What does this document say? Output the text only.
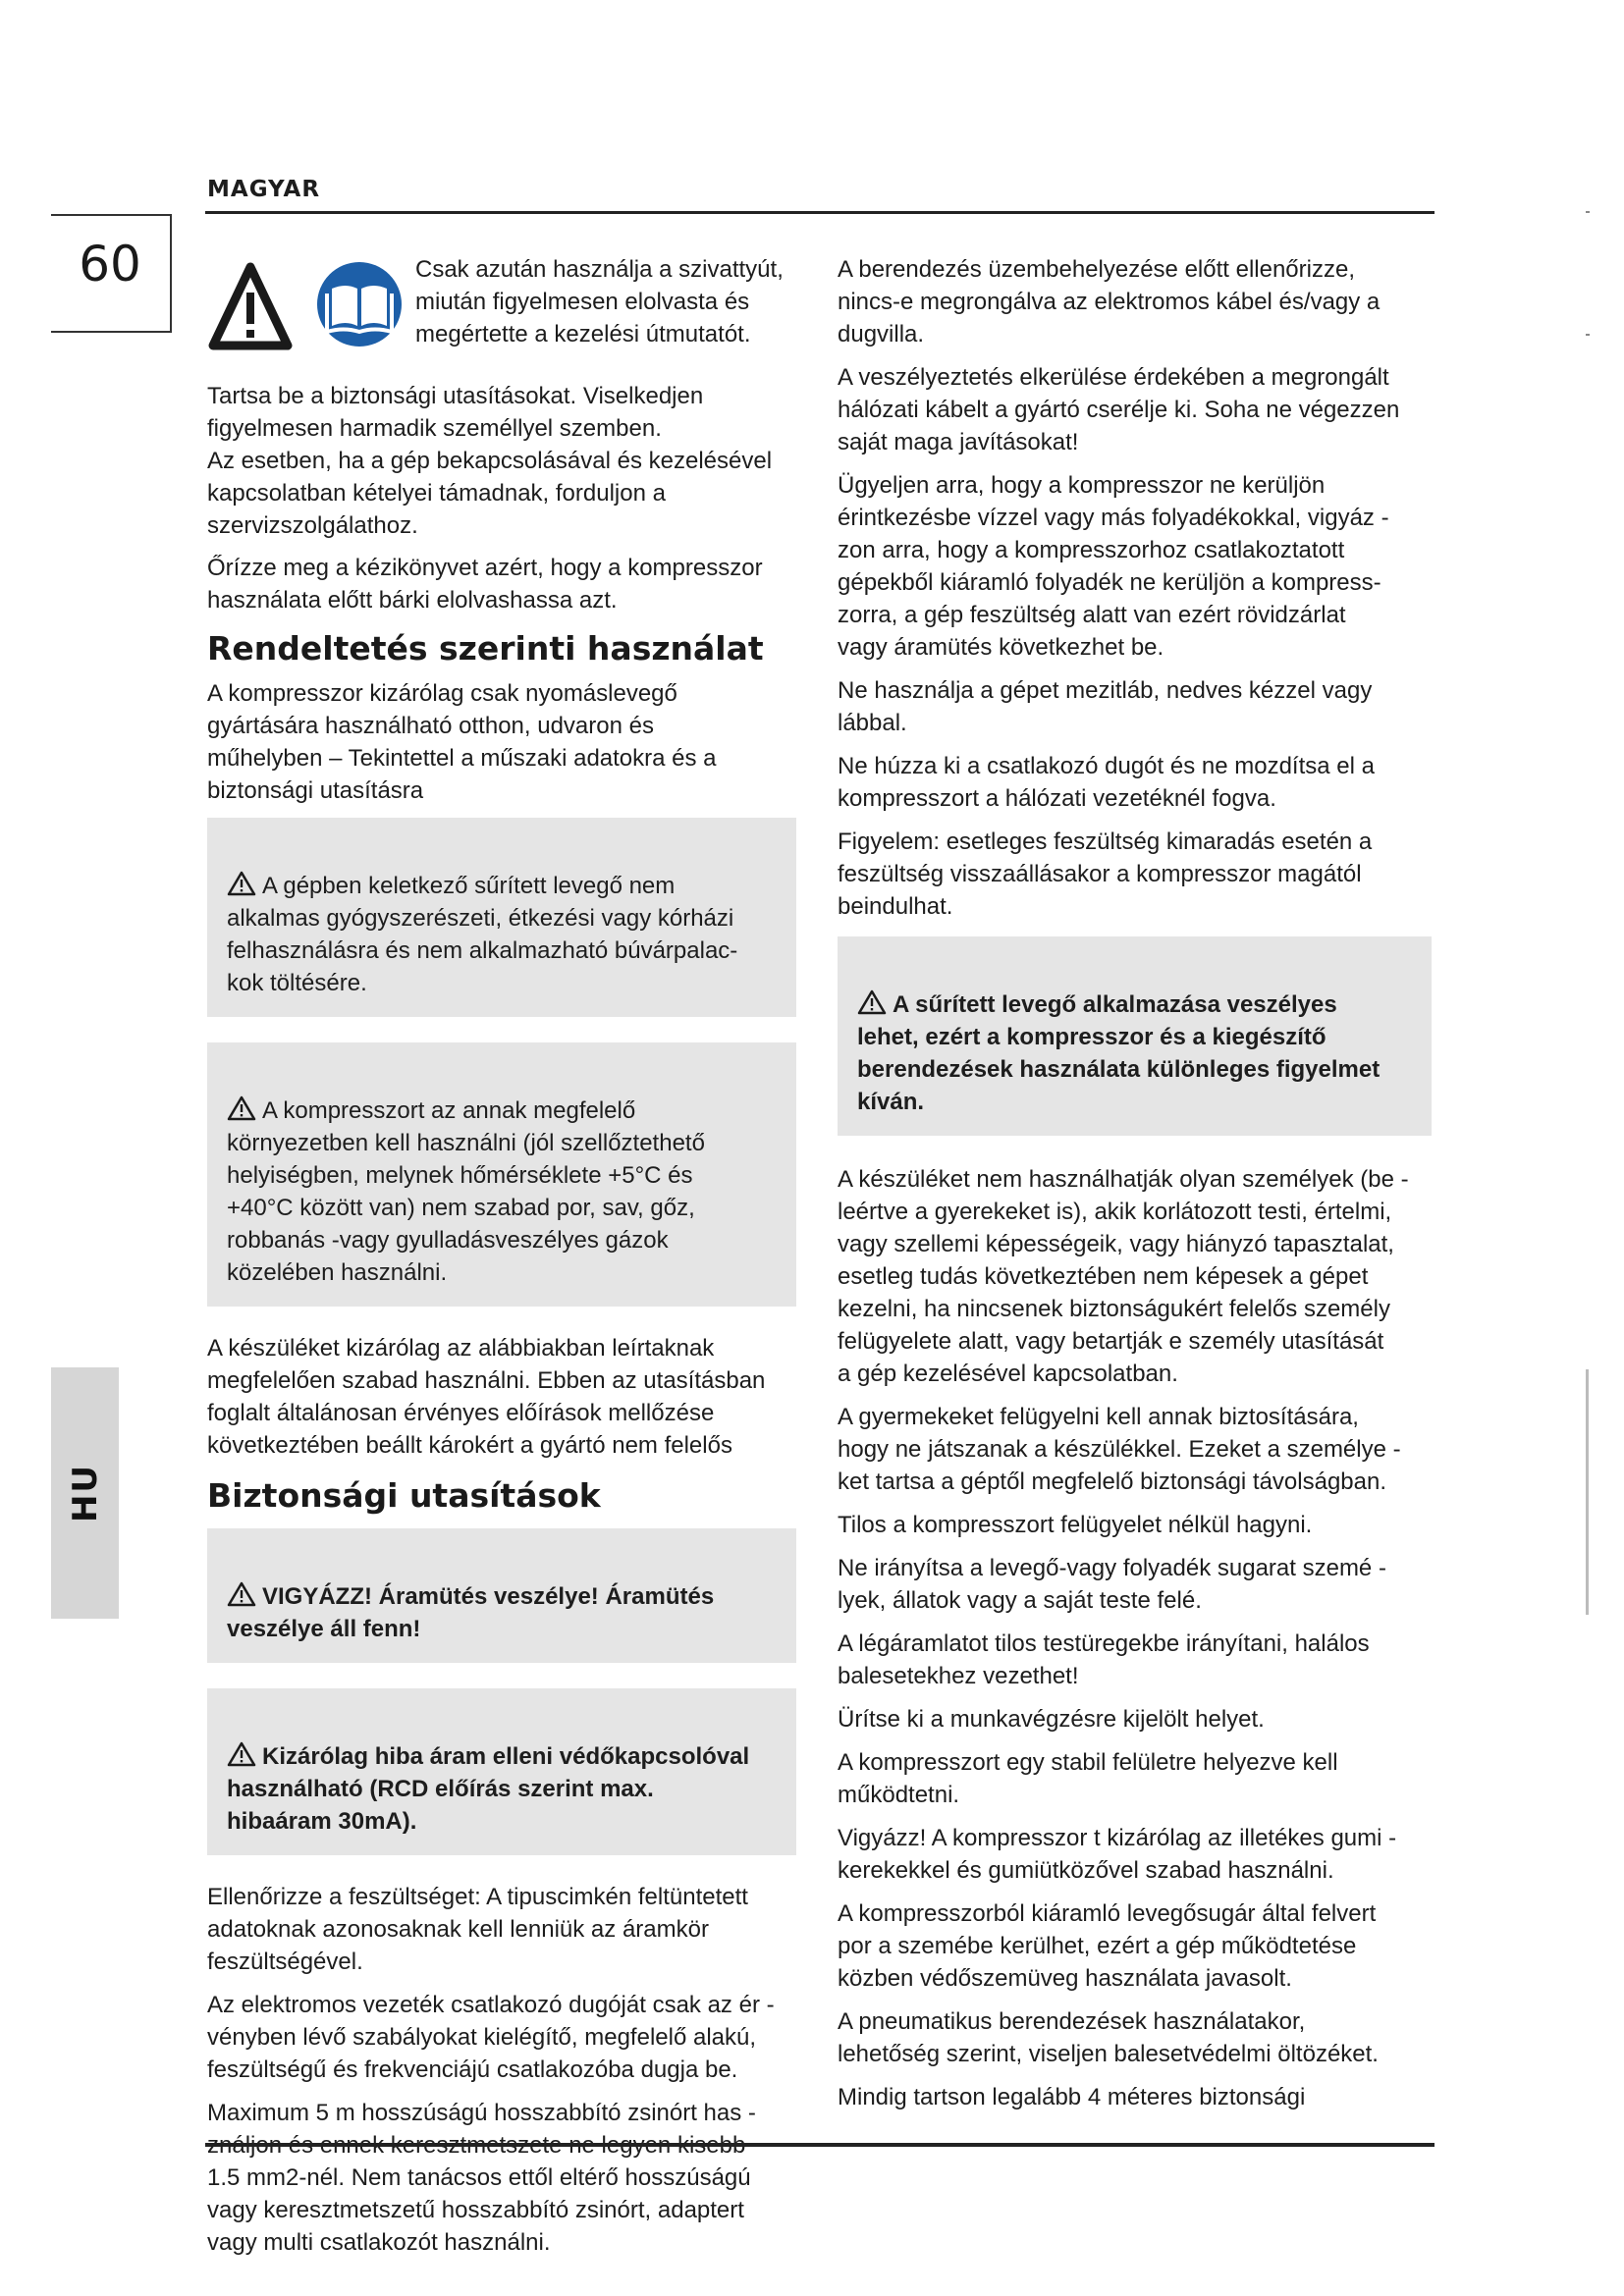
MAGYAR
60
HU
Csak azután használja a szivattyút,
miután figyelmesen elolvasta és
megértette a kezelési útmutatót.

Tartsa be a biztonsági utasításokat. Viselkedjen
figyelmesen harmadik személlyel szemben.
Az esetben, ha a gép bekapcsolásával és kezelésével
kapcsolatban kételyei támadnak, forduljon a
szervizszolgálathoz.

Őrízze meg a kézikönyvet azért, hogy a kompresszor
használata előtt bárki elolvashassa azt.

Rendeltetés szerinti használat

A kompresszor kizárólag csak nyomáslevegő
gyártására használható otthon, udvaron és
műhelyben – Tekintettel a műszaki adatokra és a
biztonsági utasításra

A gépben keletkező sűrített levegő nem
alkalmas gyógyszerészeti, étkezési vagy kórházi
felhasználásra és nem alkalmazható búvárpalac-
kok töltésére.

A kompresszort az annak megfelelő
környezetben kell használni (jól szellőztethető
helyiségben, melynek hőmérséklete +5°C és
+40°C között van) nem szabad por, sav, gőz,
robbanás -vagy gyulladásveszélyes gázok
közelében használni.

A készüléket kizárólag az alábbiakban leírtaknak
megfelelően szabad használni. Ebben az utasításban
foglalt általánosan érvényes előírások mellőzése
következtében beállt károkért a gyártó nem felelős

Biztonsági utasítások

VIGYÁZZ! Áramütés veszélye! Áramütés
veszélye áll fenn!

Kizárólag hiba áram elleni védőkapcsolóval
használható (RCD előírás szerint max.
hibaáram 30mA).

Ellenőrizze a feszültséget: A tipuscimkén feltüntetett
adatoknak azonosaknak kell lenniük az áramkör
feszültségével.

Az elektromos vezeték csatlakozó dugóját csak az ér -
vényben lévő szabályokat kielégítő, megfelelő alakú,
feszültségű és frekvenciájú csatlakozóba dugja be.

Maximum 5 m hosszúságú hosszabbító zsinórt has -

1.5 mm2-nél. Nem tanácsos ettől eltérő hosszúságú
vagy keresztmetszetű hosszabbító zsinórt, adaptert
vagy multi csatlakozót használni.

A berendezés üzembehelyezése előtt ellenőrizze,
nincs-e megrongálva az elektromos kábel és/vagy a
dugvilla.

A veszélyeztetés elkerülése érdekében a megrongált
hálózati kábelt a gyártó cserélje ki. Soha ne végezzen
saját maga javításokat!

Ügyeljen arra, hogy a kompresszor ne kerüljön
érintkezésbe vízzel vagy más folyadékokkal, vigyáz -
zon arra, hogy a kompresszorhoz csatlakoztatott
gépekből kiáramló folyadék ne kerüljön a kompress-
zorra, a gép feszültség alatt van ezért rövidzárlat
vagy áramütés következhet be.

Ne használja a gépet mezitláb, nedves kézzel vagy
lábbal.

Ne húzza ki a csatlakozó dugót és ne mozdítsa el a
kompresszort a hálózati vezetéknél fogva.

Figyelem: esetleges feszültség kimaradás esetén a
feszültség visszaállásakor a kompresszor magától
beindulhat.

A sűrített levegő alkalmazása veszélyes
lehet, ezért a kompresszor és a kiegészítő
berendezések használata különleges figyelmet
kíván.

A készüléket nem használhatják olyan személyek (be -
leértve a gyerekeket is), akik korlátozott testi, értelmi,
vagy szellemi képességeik, vagy hiányzó tapasztalat,
esetleg tudás következtében nem képesek a gépet
kezelni, ha nincsenek biztonságukért felelős személy
felügyelete alatt, vagy betartják e személy utasítását
a gép kezelésével kapcsolatban.

A gyermekeket felügyelni kell annak biztosítására,
hogy ne játszanak a készülékkel. Ezeket a személye -
ket tartsa a géptől megfelelő biztonsági távolságban.

Tilos a kompresszort felügyelet nélkül hagyni.

Ne irányítsa a levegő-vagy folyadék sugarat szemé -
lyek, állatok vagy a saját teste felé.

A légáramlatot tilos testüregekbe irányítani, halálos
balesetekhez vezethet!

Ürítse ki a munkavégzésre kijelölt helyet.

A kompresszort egy stabil felületre helyezve kell
működtetni.

Vigyázz! A kompresszor t kizárólag az illetékes gumi -
kerekekkel és gumiütközővel szabad használni.

A kompresszorból kiáramló levegősugár által felvert
por a szemébe kerülhet, ezért a gép működtetése
közben védőszemüveg használata javasolt.

A pneumatikus berendezések használatakor,
lehetőség szerint, viseljen balesetvédelmi öltözéket.

Mindig tartson legalább 4 méteres biztonsági
